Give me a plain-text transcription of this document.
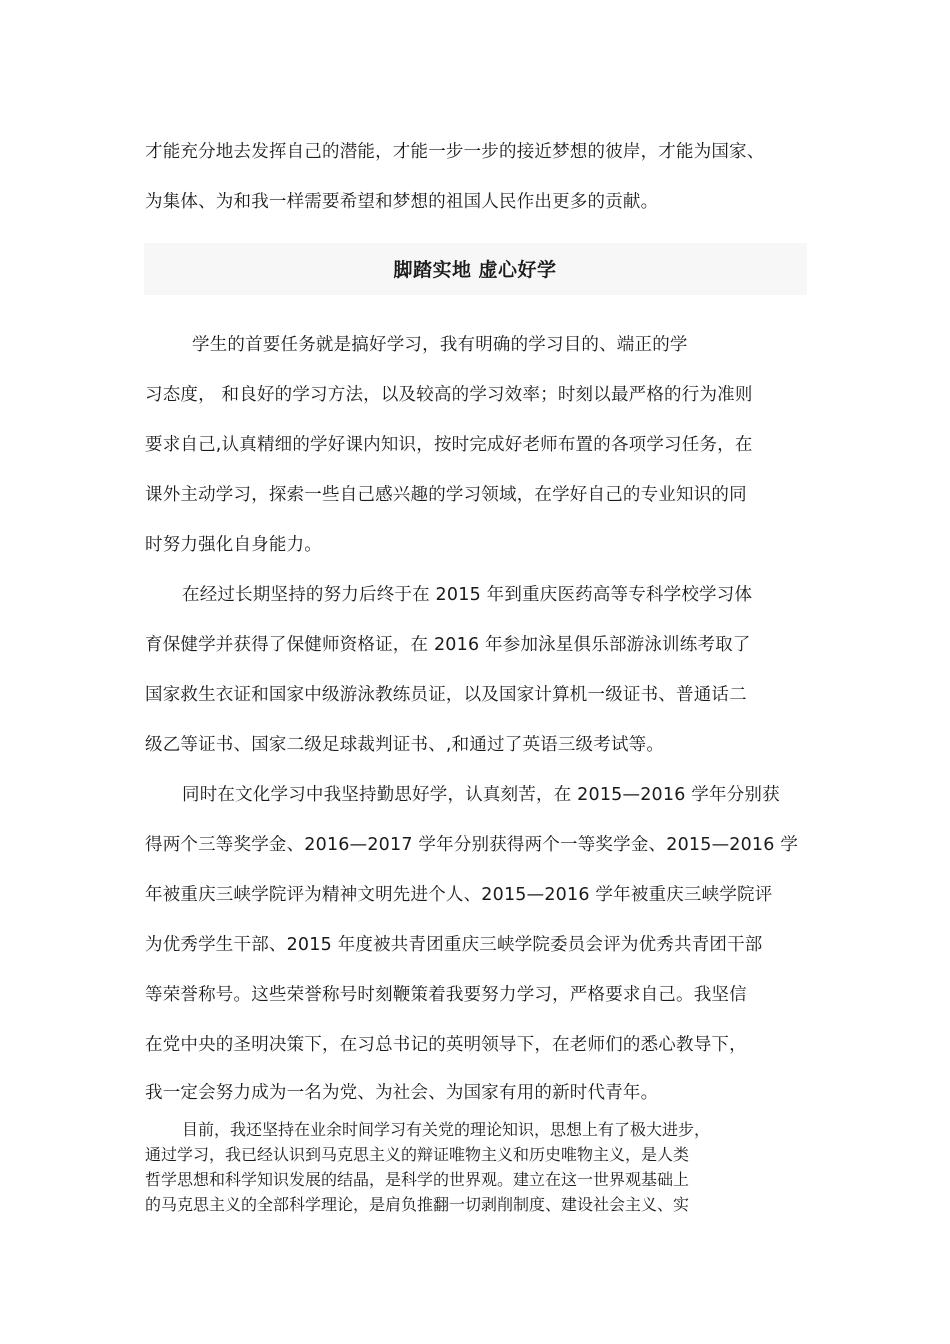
才能充分地去发挥自己的潜能，才能一步一步的接近梦想的彼岸，才能为国家、
为集体、为和我一样需要希望和梦想的祖国人民作出更多的贡献。
脚踏实地 虚心好学
学生的首要任务就是搞好学习，我有明确的学习目的、端正的学
习态度， 和良好的学习方法，以及较高的学习效率；时刻以最严格的行为准则
要求自己,认真精细的学好课内知识，按时完成好老师布置的各项学习任务，在
课外主动学习，探索一些自己感兴趣的学习领域，在学好自己的专业知识的同
时努力强化自身能力。
在经过长期坚持的努力后终于在 2015 年到重庆医药高等专科学校学习体
育保健学并获得了保健师资格证，在 2016 年参加泳星俱乐部游泳训练考取了
国家救生衣证和国家中级游泳教练员证，以及国家计算机一级证书、普通话二
级乙等证书、国家二级足球裁判证书、,和通过了英语三级考试等。
同时在文化学习中我坚持勤思好学，认真刻苦，在 2015—2016 学年分别获
得两个三等奖学金、2016—2017 学年分别获得两个一等奖学金、2015—2016 学
年被重庆三峡学院评为精神文明先进个人、2015—2016 学年被重庆三峡学院评
为优秀学生干部、2015 年度被共青团重庆三峡学院委员会评为优秀共青团干部
等荣誉称号。这些荣誉称号时刻鞭策着我要努力学习，严格要求自己。我坚信
在党中央的圣明决策下，在习总书记的英明领导下，在老师们的悉心教导下，
我一定会努力成为一名为党、为社会、为国家有用的新时代青年。
目前，我还坚持在业余时间学习有关党的理论知识，思想上有了极大进步，
通过学习，我已经认识到马克思主义的辩证唯物主义和历史唯物主义，是人类
哲学思想和科学知识发展的结晶，是科学的世界观。建立在这一世界观基础上
的马克思主义的全部科学理论，是肩负推翻一切剥削制度、建设社会主义、实
